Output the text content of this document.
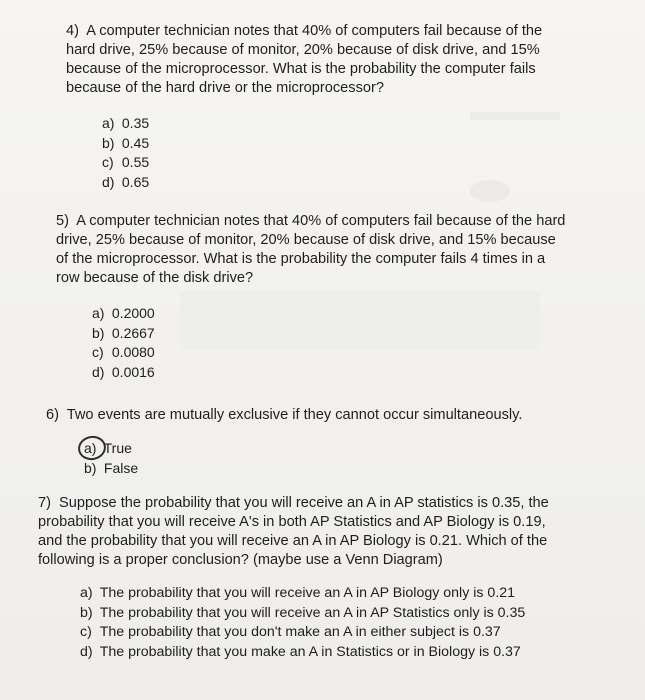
4) A computer technician notes that 40% of computers fail because of the hard drive, 25% because of monitor, 20% because of disk drive, and 15% because of the microprocessor. What is the probability the computer fails because of the hard drive or the microprocessor?

a) 0.35
b) 0.45
c) 0.55
d) 0.65

5) A computer technician notes that 40% of computers fail because of the hard drive, 25% because of monitor, 20% because of disk drive, and 15% because of the microprocessor. What is the probability the computer fails 4 times in a row because of the disk drive?

a) 0.2000
b) 0.2667
c) 0.0080
d) 0.0016

6) Two events are mutually exclusive if they cannot occur simultaneously.

a) True
b) False

7) Suppose the probability that you will receive an A in AP statistics is 0.35, the probability that you will receive A's in both AP Statistics and AP Biology is 0.19, and the probability that you will receive an A in AP Biology is 0.21. Which of the following is a proper conclusion? (maybe use a Venn Diagram)

a) The probability that you will receive an A in AP Biology only is 0.21
b) The probability that you will receive an A in AP Statistics only is 0.35
c) The probability that you don't make an A in either subject is 0.37
d) The probability that you make an A in Statistics or in Biology is 0.37
